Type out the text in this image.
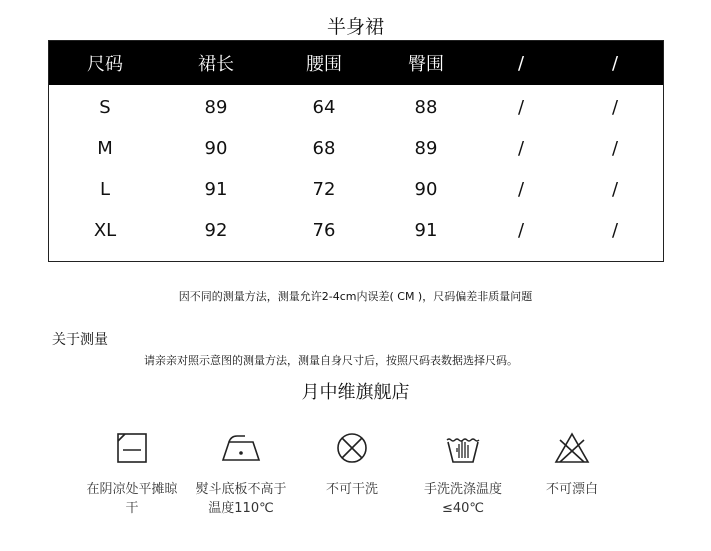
半身裙
尺码	裙长	腰围	臀围	/	/
S	89	64	88	/	/
M	90	68	89	/	/
L	91	72	90	/	/
XL	92	76	91	/	/
因不同的测量方法，测量允许2-4cm内误差( CM )，尺码偏差非质量问题
关于测量
请亲亲对照示意图的测量方法，测量自身尺寸后，按照尺码表数据选择尺码。
月中维旗舰店
在阴凉处平摊晾干
熨斗底板不高于温度110℃
不可干洗	手洗洗涤温度≤40℃
不可漂白
